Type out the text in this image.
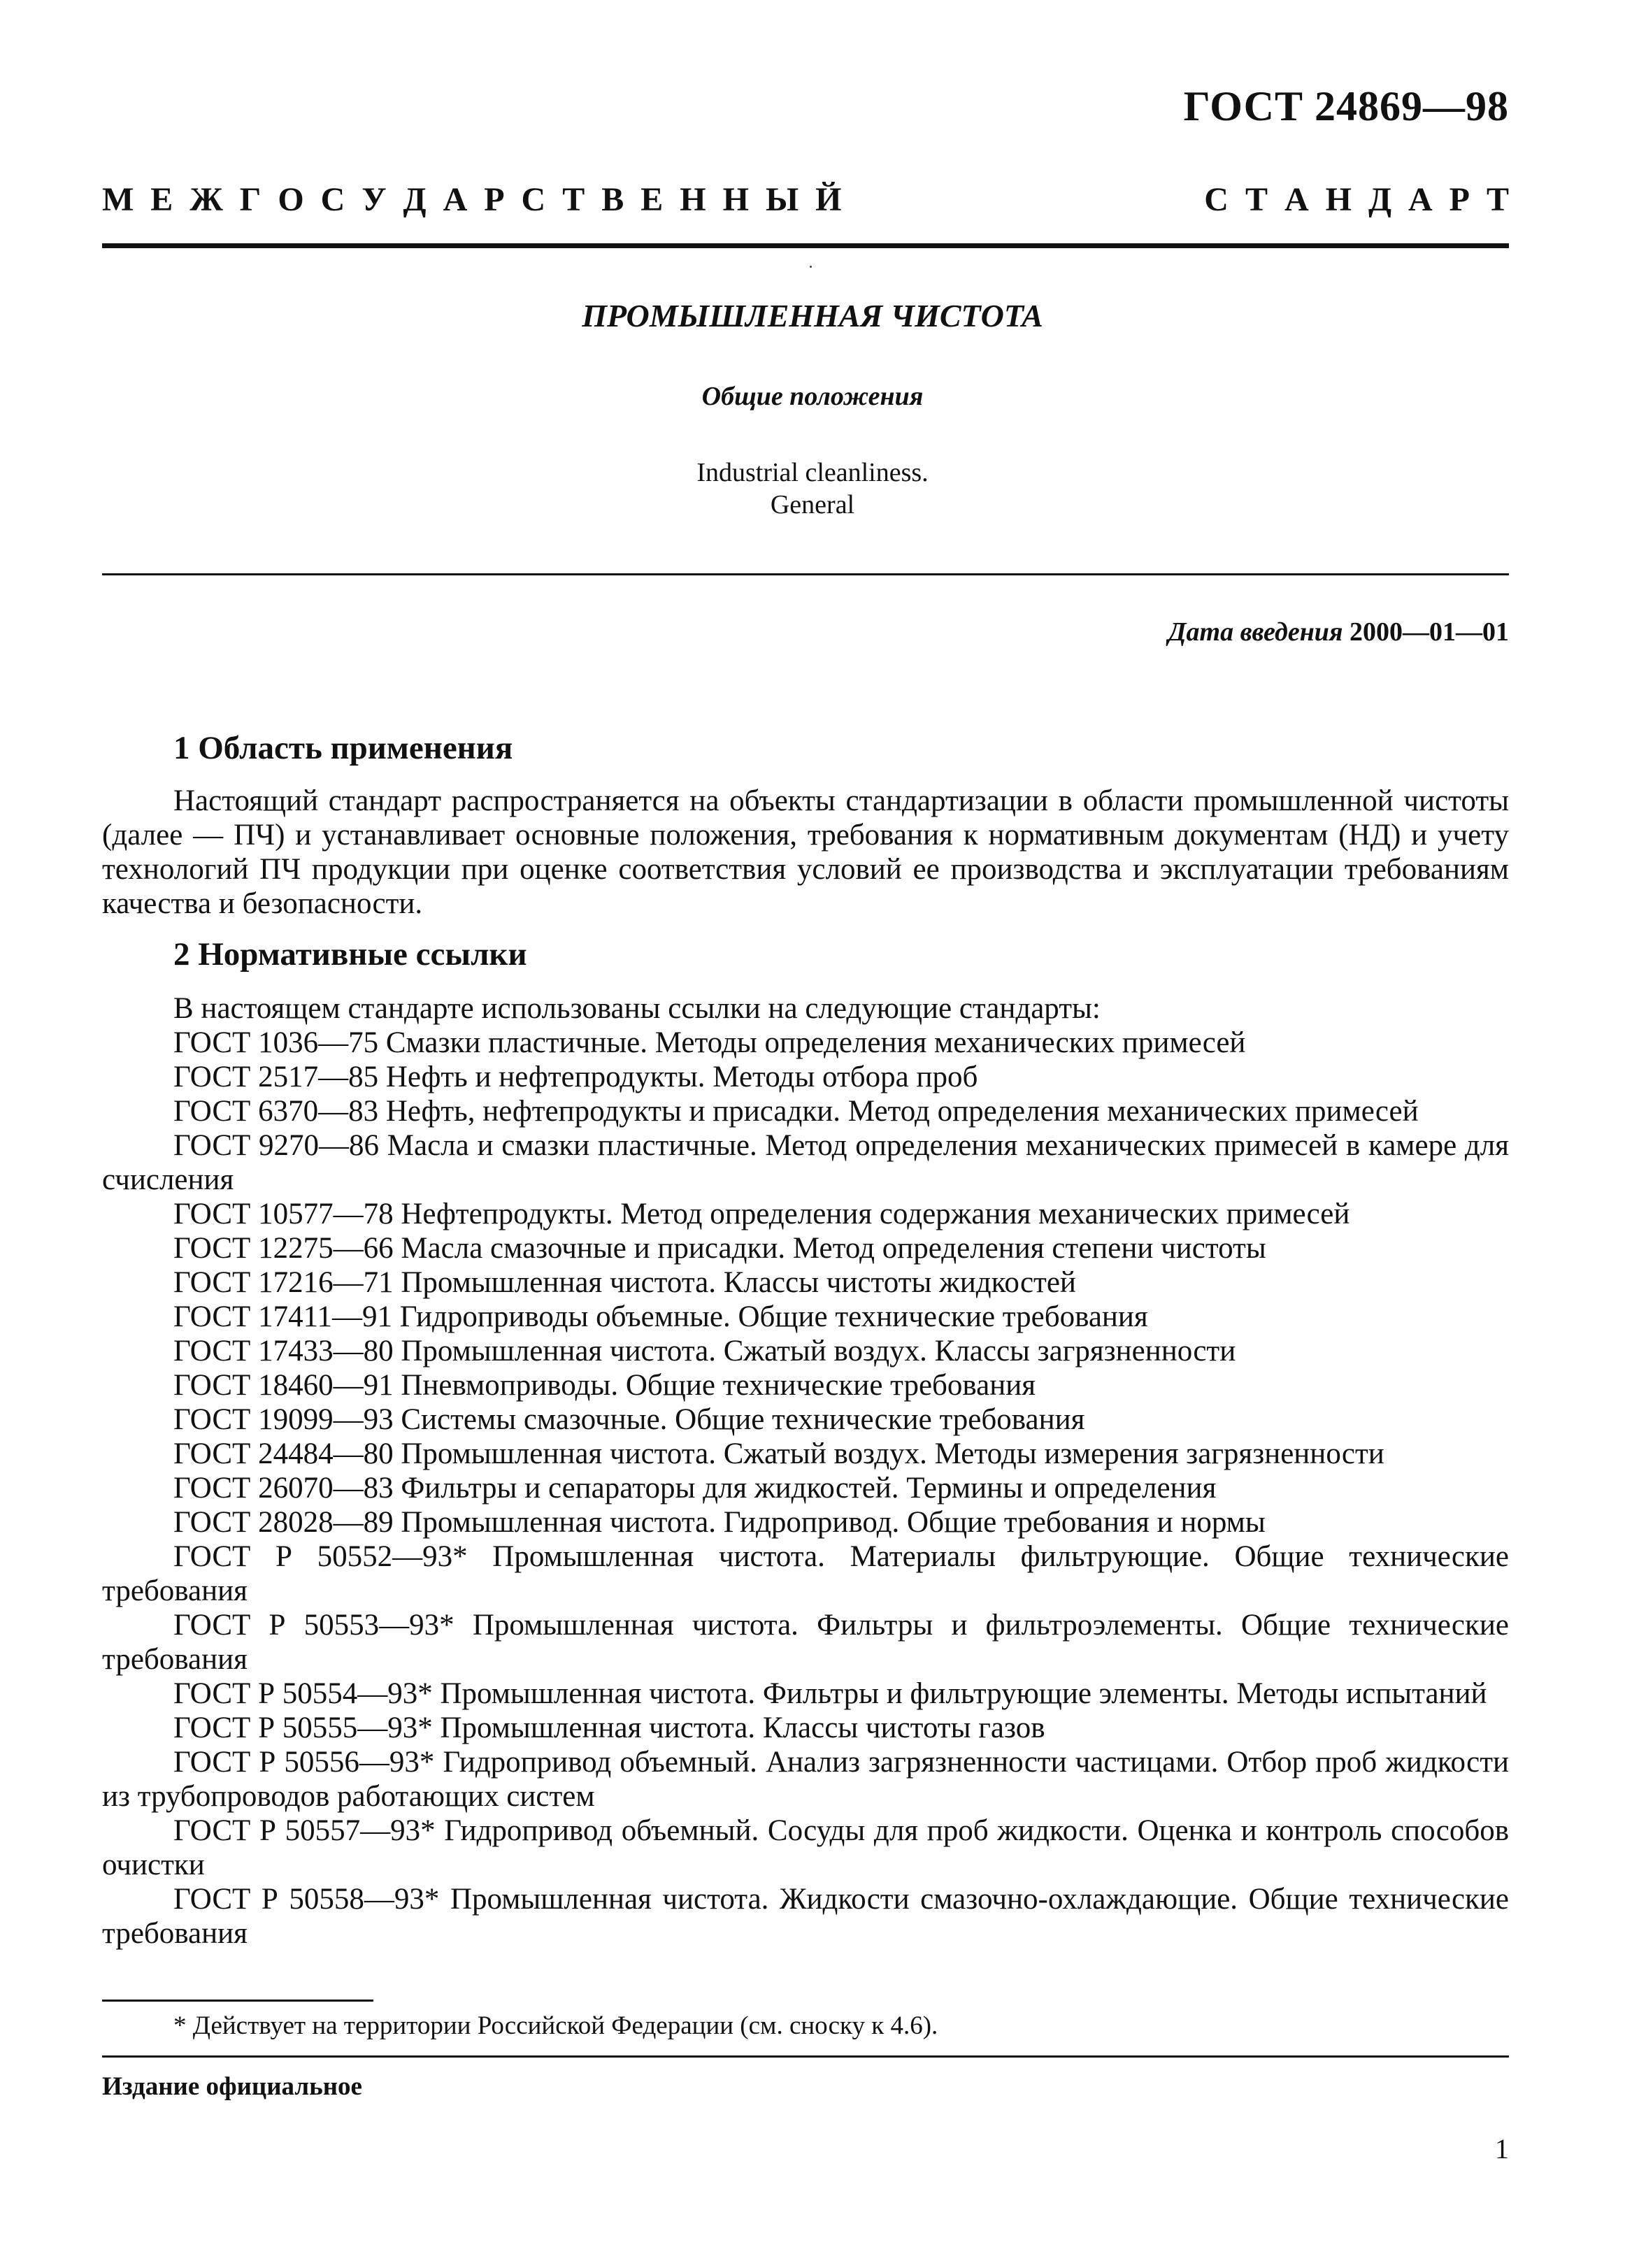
ГОСТ 24869—98
М  Е  Ж  Г  О  С  У  Д  А  Р  С  Т  В  Е  Н  Н  Ы  Й	С  Т  А  Н  Д  А  Р  Т
ПРОМЫШЛЕННАЯ ЧИСТОТА
Общие положения
Industrial cleanliness.
General
Дата введения 2000—01—01
1 Область применения

Настоящий стандарт распространяется на объекты стандартизации в области промышленной чистоты (далее — ПЧ) и устанавливает основные положения, требования к нормативным документам (НД) и учету технологий ПЧ продукции при оценке соответствия условий ее производства и эксплуатации требованиям качества и безопасности.

2 Нормативные ссылки
В настоящем стандарте использованы ссылки на следующие стандарты:
ГОСТ 1036—75 Смазки пластичные. Методы определения механических примесей
ГОСТ 2517—85 Нефть и нефтепродукты. Методы отбора проб
ГОСТ 6370—83 Нефть, нефтепродукты и присадки. Метод определения механических примесей
ГОСТ 9270—86 Масла и смазки пластичные. Метод определения механических примесей в камере для счисления
ГОСТ 10577—78 Нефтепродукты. Метод определения содержания механических примесей
ГОСТ 12275—66 Масла смазочные и присадки. Метод определения степени чистоты
ГОСТ 17216—71 Промышленная чистота. Классы чистоты жидкостей
ГОСТ 17411—91 Гидроприводы объемные. Общие технические требования
ГОСТ 17433—80 Промышленная чистота. Сжатый воздух. Классы загрязненности
ГОСТ 18460—91 Пневмоприводы. Общие технические требования
ГОСТ 19099—93 Системы смазочные. Общие технические требования
ГОСТ 24484—80 Промышленная чистота. Сжатый воздух. Методы измерения загрязненности
ГОСТ 26070—83 Фильтры и сепараторы для жидкостей. Термины и определения
ГОСТ 28028—89 Промышленная чистота. Гидропривод. Общие требования и нормы
ГОСТ Р 50552—93* Промышленная чистота. Материалы фильтрующие. Общие технические требования
ГОСТ Р 50553—93* Промышленная чистота. Фильтры и фильтроэлементы. Общие технические требования
ГОСТ Р 50554—93* Промышленная чистота. Фильтры и фильтрующие элементы. Методы испытаний
ГОСТ Р 50555—93* Промышленная чистота. Классы чистоты газов
ГОСТ Р 50556—93* Гидропривод объемный. Анализ загрязненности частицами. Отбор проб жидкости из трубопроводов работающих систем
ГОСТ Р 50557—93* Гидропривод объемный. Сосуды для проб жидкости. Оценка и контроль способов очистки
ГОСТ Р 50558—93* Промышленная чистота. Жидкости смазочно-охлаждающие. Общие технические требования
* Действует на территории Российской Федерации (см. сноску к 4.6).
Издание официальное
1
